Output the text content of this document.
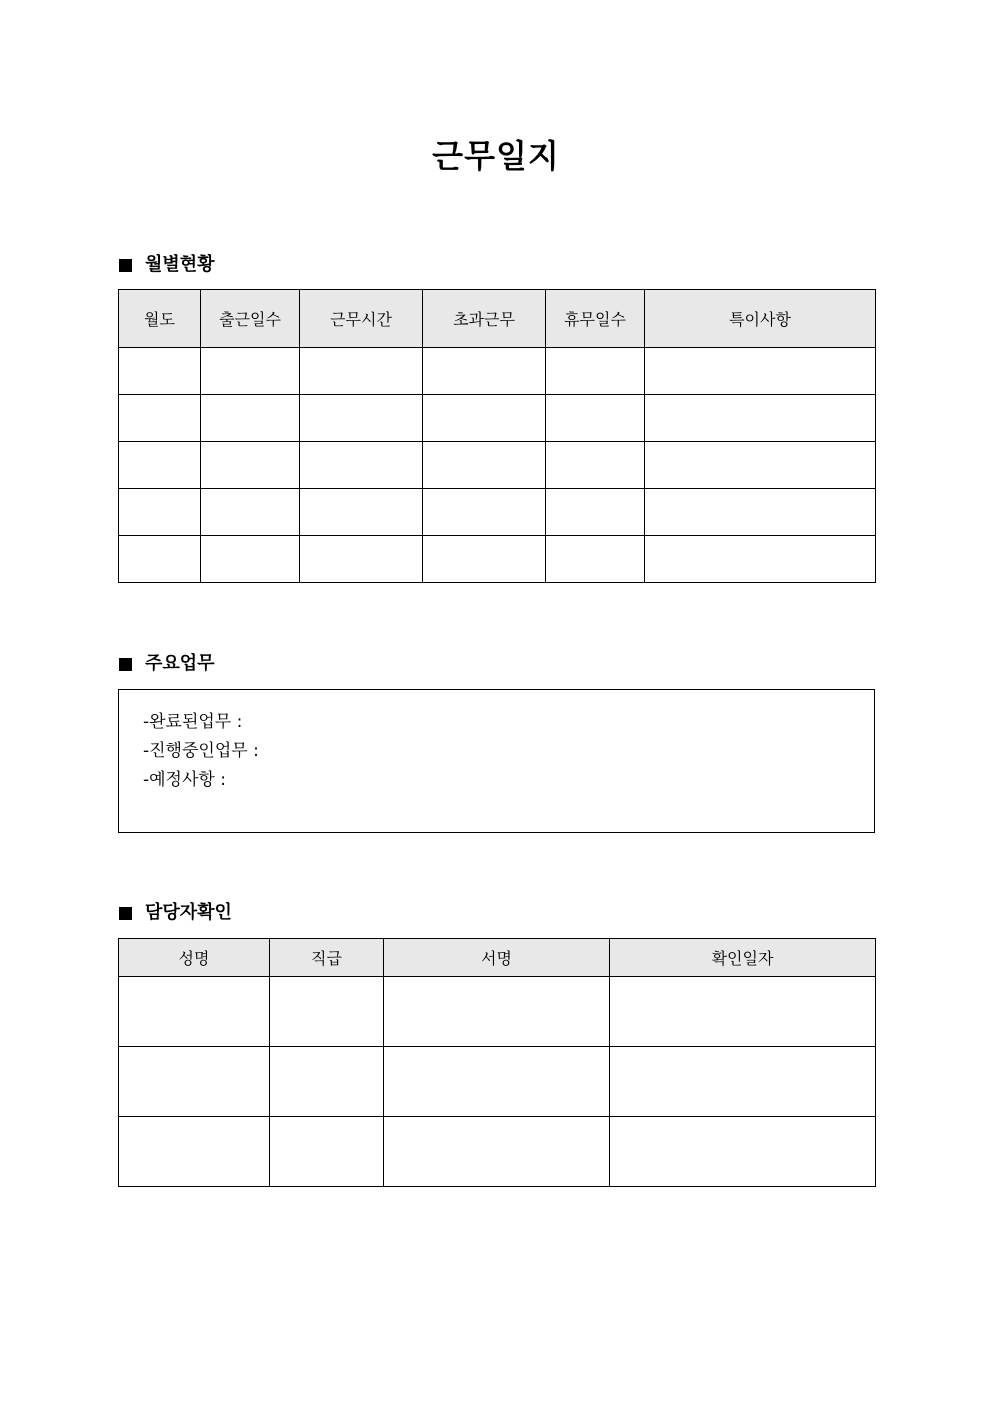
근무일지
월별현황
월도	출근일수	근무시간	초과근무	휴무일수	특이사항

주요업무
-완료된업무 :
-진행중인업무 :
-예정사항 :
담당자확인
성명	직급	서명	확인일자
